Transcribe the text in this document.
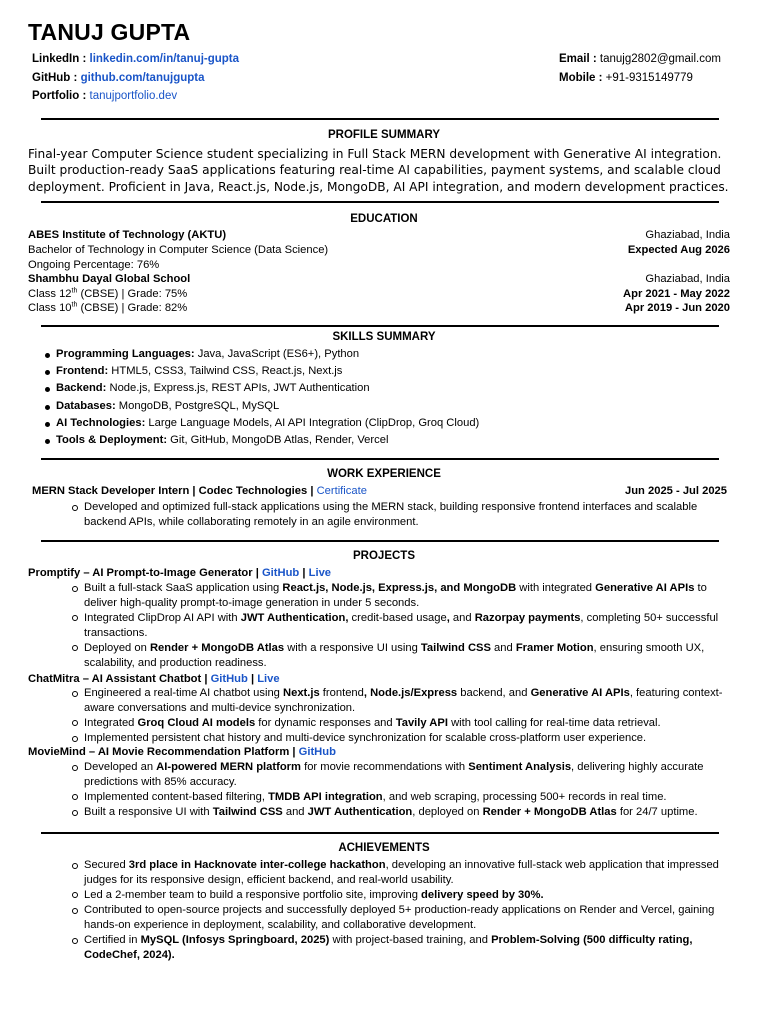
TANUJ GUPTA
LinkedIn : linkedin.com/in/tanuj-gupta
GitHub : github.com/tanujgupta
Portfolio : tanujportfolio.dev
Email : tanujg2802@gmail.com
Mobile : +91-9315149779
PROFILE SUMMARY
Final-year Computer Science student specializing in Full Stack MERN development with Generative AI integration. Built production-ready SaaS applications featuring real-time AI capabilities, payment systems, and scalable cloud deployment. Proficient in Java, React.js, Node.js, MongoDB, AI API integration, and modern development practices.
EDUCATION
ABES Institute of Technology (AKTU)	Ghaziabad, India
Bachelor of Technology in Computer Science (Data Science)	Expected Aug 2026
Ongoing Percentage: 76%
Shambhu Dayal Global School	Ghaziabad, India
Class 12th (CBSE) | Grade: 75%	Apr 2021 - May 2022
Class 10th (CBSE) | Grade: 82%	Apr 2019 - Jun 2020
SKILLS SUMMARY
Programming Languages: Java, JavaScript (ES6+), Python
Frontend: HTML5, CSS3, Tailwind CSS, React.js, Next.js
Backend: Node.js, Express.js, REST APIs, JWT Authentication
Databases: MongoDB, PostgreSQL, MySQL
AI Technologies: Large Language Models, AI API Integration (ClipDrop, Groq Cloud)
Tools & Deployment: Git, GitHub, MongoDB Atlas, Render, Vercel
WORK EXPERIENCE
MERN Stack Developer Intern | Codec Technologies | Certificate	Jun 2025 - Jul 2025
Developed and optimized full-stack applications using the MERN stack, building responsive frontend interfaces and scalable backend APIs, while collaborating remotely in an agile environment.
PROJECTS
Promptify – AI Prompt-to-Image Generator | GitHub | Live
Built a full-stack SaaS application using React.js, Node.js, Express.js, and MongoDB with integrated Generative AI APIs to deliver high-quality prompt-to-image generation in under 5 seconds.
Integrated ClipDrop AI API with JWT Authentication, credit-based usage, and Razorpay payments, completing 50+ successful transactions.
Deployed on Render + MongoDB Atlas with a responsive UI using Tailwind CSS and Framer Motion, ensuring smooth UX, scalability, and production readiness.
ChatMitra – AI Assistant Chatbot | GitHub | Live
Engineered a real-time AI chatbot using Next.js frontend, Node.js/Express backend, and Generative AI APIs, featuring context-aware conversations and multi-device synchronization.
Integrated Groq Cloud AI models for dynamic responses and Tavily API with tool calling for real-time data retrieval.
Implemented persistent chat history and multi-device synchronization for scalable cross-platform user experience.
MovieMind – AI Movie Recommendation Platform | GitHub
Developed an AI-powered MERN platform for movie recommendations with Sentiment Analysis, delivering highly accurate predictions with 85% accuracy.
Implemented content-based filtering, TMDB API integration, and web scraping, processing 500+ records in real time.
Built a responsive UI with Tailwind CSS and JWT Authentication, deployed on Render + MongoDB Atlas for 24/7 uptime.
ACHIEVEMENTS
Secured 3rd place in Hacknovate inter-college hackathon, developing an innovative full-stack web application that impressed judges for its responsive design, efficient backend, and real-world usability.
Led a 2-member team to build a responsive portfolio site, improving delivery speed by 30%.
Contributed to open-source projects and successfully deployed 5+ production-ready applications on Render and Vercel, gaining hands-on experience in deployment, scalability, and collaborative development.
Certified in MySQL (Infosys Springboard, 2025) with project-based training, and Problem-Solving (500 difficulty rating, CodeChef, 2024).
